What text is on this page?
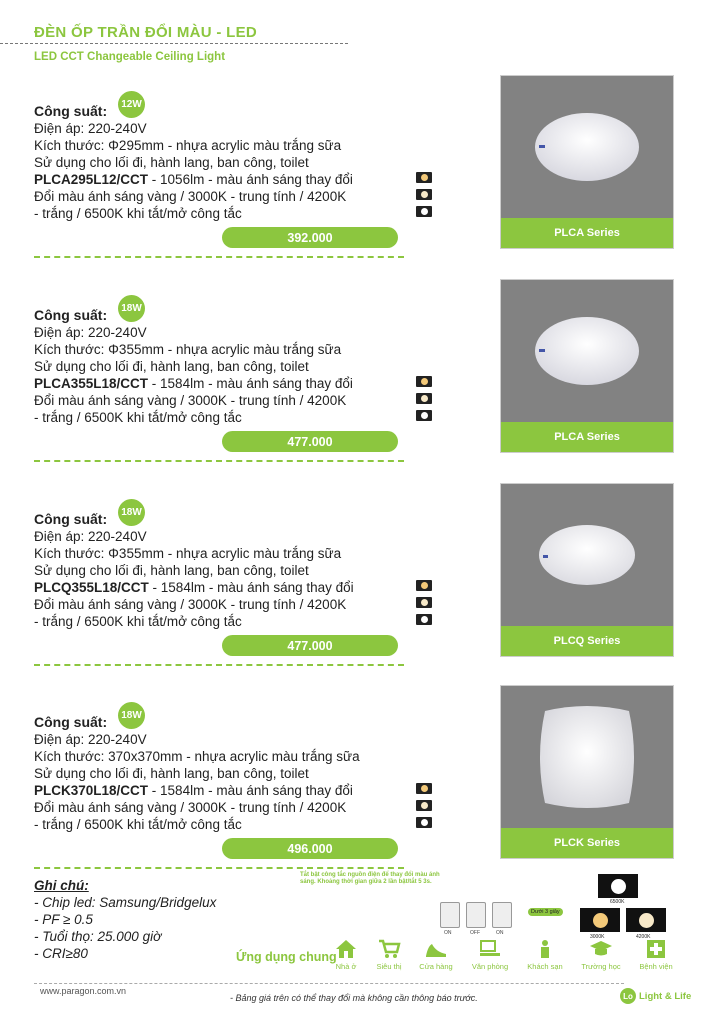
ĐÈN ỐP TRẦN ĐỔI MÀU - LED
LED CCT Changeable Ceiling Light
Công suất:
Điện áp: 220-240V
Kích thước: Φ295mm - nhựa acrylic màu trắng sữa
Sử dụng cho lối đi, hành lang, ban công, toilet
PLCA295L12/CCT - 1056lm - màu ánh sáng thay đổi
Đổi màu ánh sáng vàng / 3000K - trung tính / 4200K
- trắng / 6500K khi tắt/mở công tắc
12W
392.000	PLCA Series
Công suất:
Điện áp: 220-240V
Kích thước: Φ355mm - nhựa acrylic màu trắng sữa
Sử dụng cho lối đi, hành lang, ban công, toilet
PLCA355L18/CCT - 1584lm - màu ánh sáng thay đổi
Đổi màu ánh sáng vàng / 3000K - trung tính / 4200K
- trắng / 6500K khi tắt/mở công tắc
18W
477.000	PLCA Series
Công suất:
Điện áp: 220-240V
Kích thước: Φ355mm - nhựa acrylic màu trắng sữa
Sử dụng cho lối đi, hành lang, ban công, toilet
PLCQ355L18/CCT - 1584lm - màu ánh sáng thay đổi
Đổi màu ánh sáng vàng / 3000K - trung tính / 4200K
- trắng / 6500K khi tắt/mở công tắc
18W
477.000	PLCQ Series
Công suất:
Điện áp: 220-240V
Kích thước: 370x370mm - nhựa acrylic màu trắng sữa
Sử dụng cho lối đi, hành lang, ban công, toilet
PLCK370L18/CCT - 1584lm - màu ánh sáng thay đổi
Đổi màu ánh sáng vàng / 3000K - trung tính / 4200K
- trắng / 6500K khi tắt/mở công tắc
18W
496.000	PLCK Series
Ghi chú:
- Chip led: Samsung/Bridgelux
- PF ≥ 0.5
- Tuổi thọ: 25.000 giờ
- CRI≥80
Tắt bật công tắc nguồn điện để thay đổi màu ánh sáng. Khoảng thời gian giữa 2 lần bật/tắt 5 3s.
ON	OFF	ON
Dưới 3 giây
6500K
3000K	4200K
Ứng dụng chung
Nhà ở	Siêu thị	Cửa hàng	Văn phòng	Khách sạn	Trường học	Bệnh viện
www.paragon.com.vn
- Bảng giá trên có thể thay đổi mà không cần thông báo trước.	Lo Light & Life
